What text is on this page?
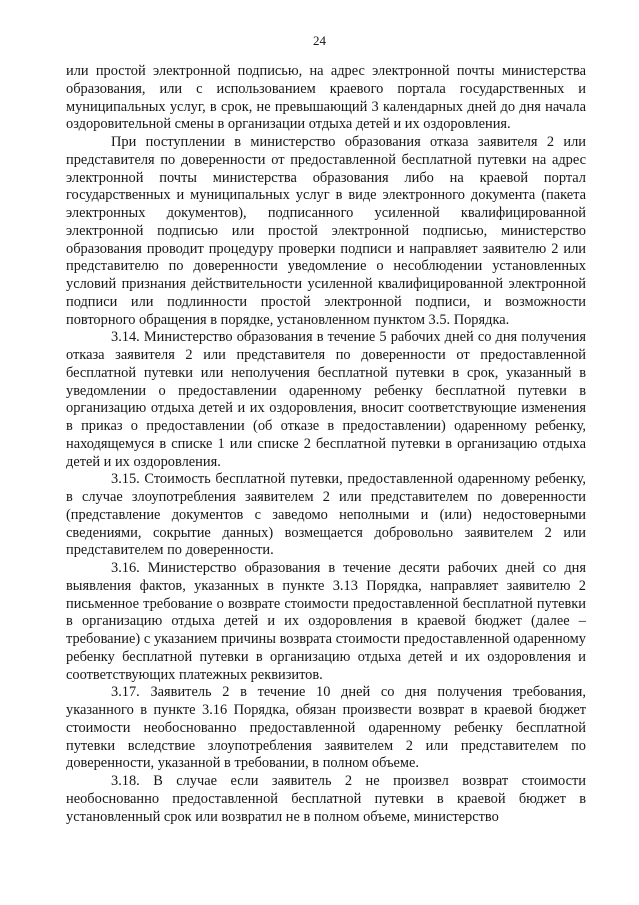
24

или простой электронной подписью, на адрес электронной почты министерства образования, или с использованием краевого портала государственных и муниципальных услуг, в срок, не превышающий 3 календарных дней до дня начала оздоровительной смены в организации отдыха детей и их оздоровления.

При поступлении в министерство образования отказа заявителя 2 или представителя по доверенности от предоставленной бесплатной путевки на адрес электронной почты министерства образования либо на краевой портал государственных и муниципальных услуг в виде электронного документа (пакета электронных документов), подписанного усиленной квалифицированной электронной подписью или простой электронной подписью, министерство образования проводит процедуру проверки подписи и направляет заявителю 2 или представителю по доверенности уведомление о несоблюдении установленных условий признания действительности усиленной квалифицированной электронной подписи или подлинности простой электронной подписи, и возможности повторного обращения в порядке, установленном пунктом 3.5. Порядка.

3.14. Министерство образования в течение 5 рабочих дней со дня получения отказа заявителя 2 или представителя по доверенности от предоставленной бесплатной путевки или неполучения бесплатной путевки в срок, указанный в уведомлении о предоставлении одаренному ребенку бесплатной путевки в организацию отдыха детей и их оздоровления, вносит соответствующие изменения в приказ о предоставлении (об отказе в предоставлении) одаренному ребенку, находящемуся в списке 1 или списке 2 бесплатной путевки в организацию отдыха детей и их оздоровления.

3.15. Стоимость бесплатной путевки, предоставленной одаренному ребенку, в случае злоупотребления заявителем 2 или представителем по доверенности (представление документов с заведомо неполными и (или) недостоверными сведениями, сокрытие данных) возмещается добровольно заявителем 2 или представителем по доверенности.

3.16. Министерство образования в течение десяти рабочих дней со дня выявления фактов, указанных в пункте 3.13 Порядка, направляет заявителю 2 письменное требование о возврате стоимости предоставленной бесплатной путевки в организацию отдыха детей и их оздоровления в краевой бюджет (далее – требование) с указанием причины возврата стоимости предоставленной одаренному ребенку бесплатной путевки в организацию отдыха детей и их оздоровления и соответствующих платежных реквизитов.

3.17. Заявитель 2 в течение 10 дней со дня получения требования, указанного в пункте 3.16 Порядка, обязан произвести возврат в краевой бюджет стоимости необоснованно предоставленной одаренному ребенку бесплатной путевки вследствие злоупотребления заявителем 2 или представителем по доверенности, указанной в требовании, в полном объеме.

3.18. В случае если заявитель 2 не произвел возврат стоимости необоснованно предоставленной бесплатной путевки в краевой бюджет в установленный срок или возвратил не в полном объеме, министерство
